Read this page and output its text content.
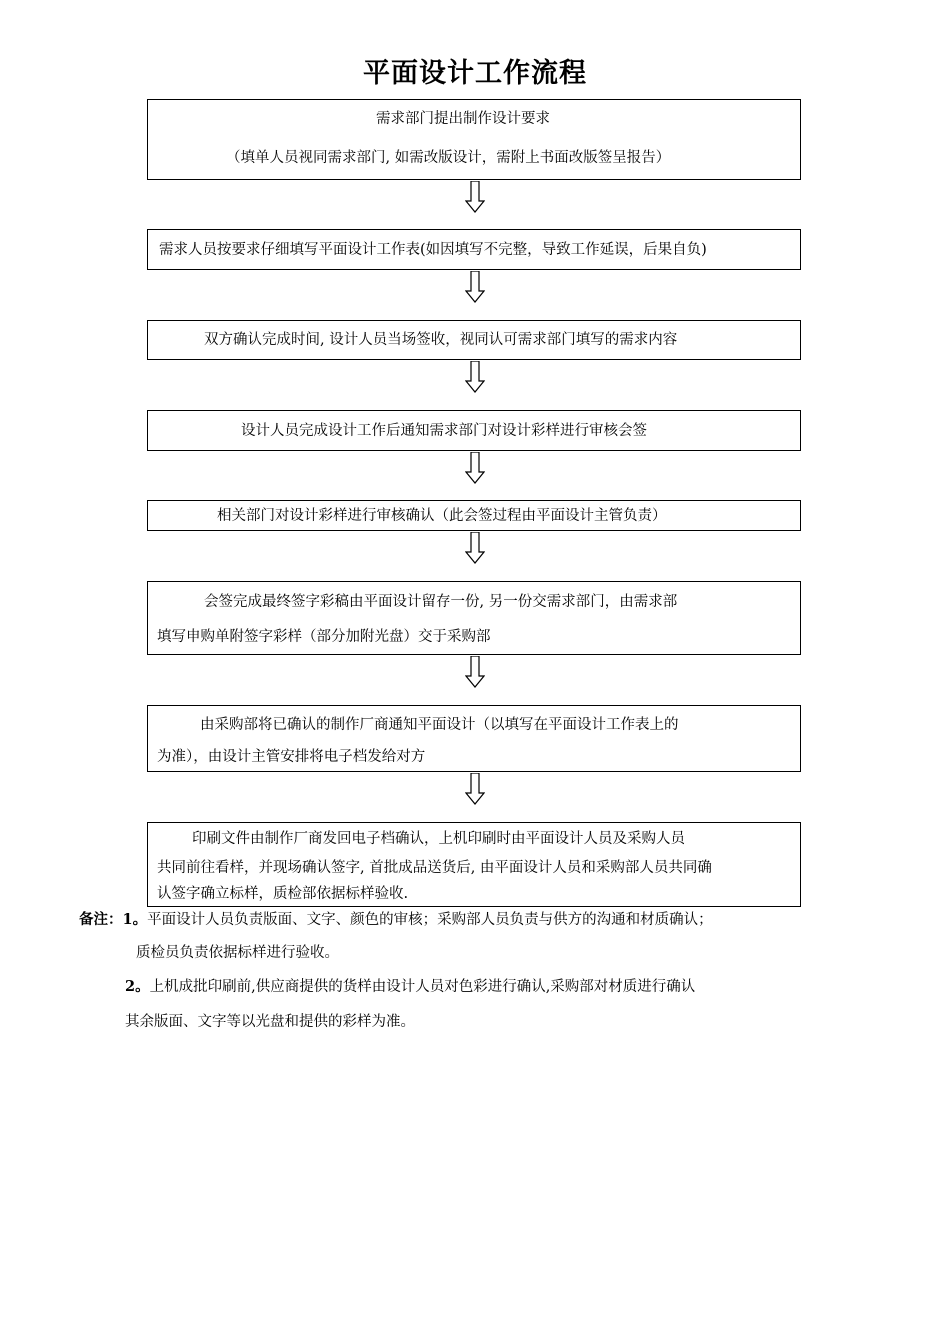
平面设计工作流程
需求部门提出制作设计要求
（填单人员视同需求部门, 如需改版设计，需附上书面改版签呈报告）
需求人员按要求仔细填写平面设计工作表(如因填写不完整，导致工作延误，后果自负)
双方确认完成时间, 设计人员当场签收，视同认可需求部门填写的需求内容
设计人员完成设计工作后通知需求部门对设计彩样进行审核会签
相关部门对设计彩样进行审核确认（此会签过程由平面设计主管负责）
会签完成最终签字彩稿由平面设计留存一份, 另一份交需求部门，由需求部
填写申购单附签字彩样（部分加附光盘）交于采购部
由采购部将已确认的制作厂商通知平面设计（以填写在平面设计工作表上的
为准），由设计主管安排将电子档发给对方
印刷文件由制作厂商发回电子档确认，上机印刷时由平面设计人员及采购人员
共同前往看样，并现场确认签字, 首批成品送货后, 由平面设计人员和采购部人员共同确
认签字确立标样，质检部依据标样验收.
备注：1。平面设计人员负责版面、文字、颜色的审核；采购部人员负责与供方的沟通和材质确认；
质检员负责依据标样进行验收。
2。上机成批印刷前,供应商提供的货样由设计人员对色彩进行确认,采购部对材质进行确认
其余版面、文字等以光盘和提供的彩样为准。
